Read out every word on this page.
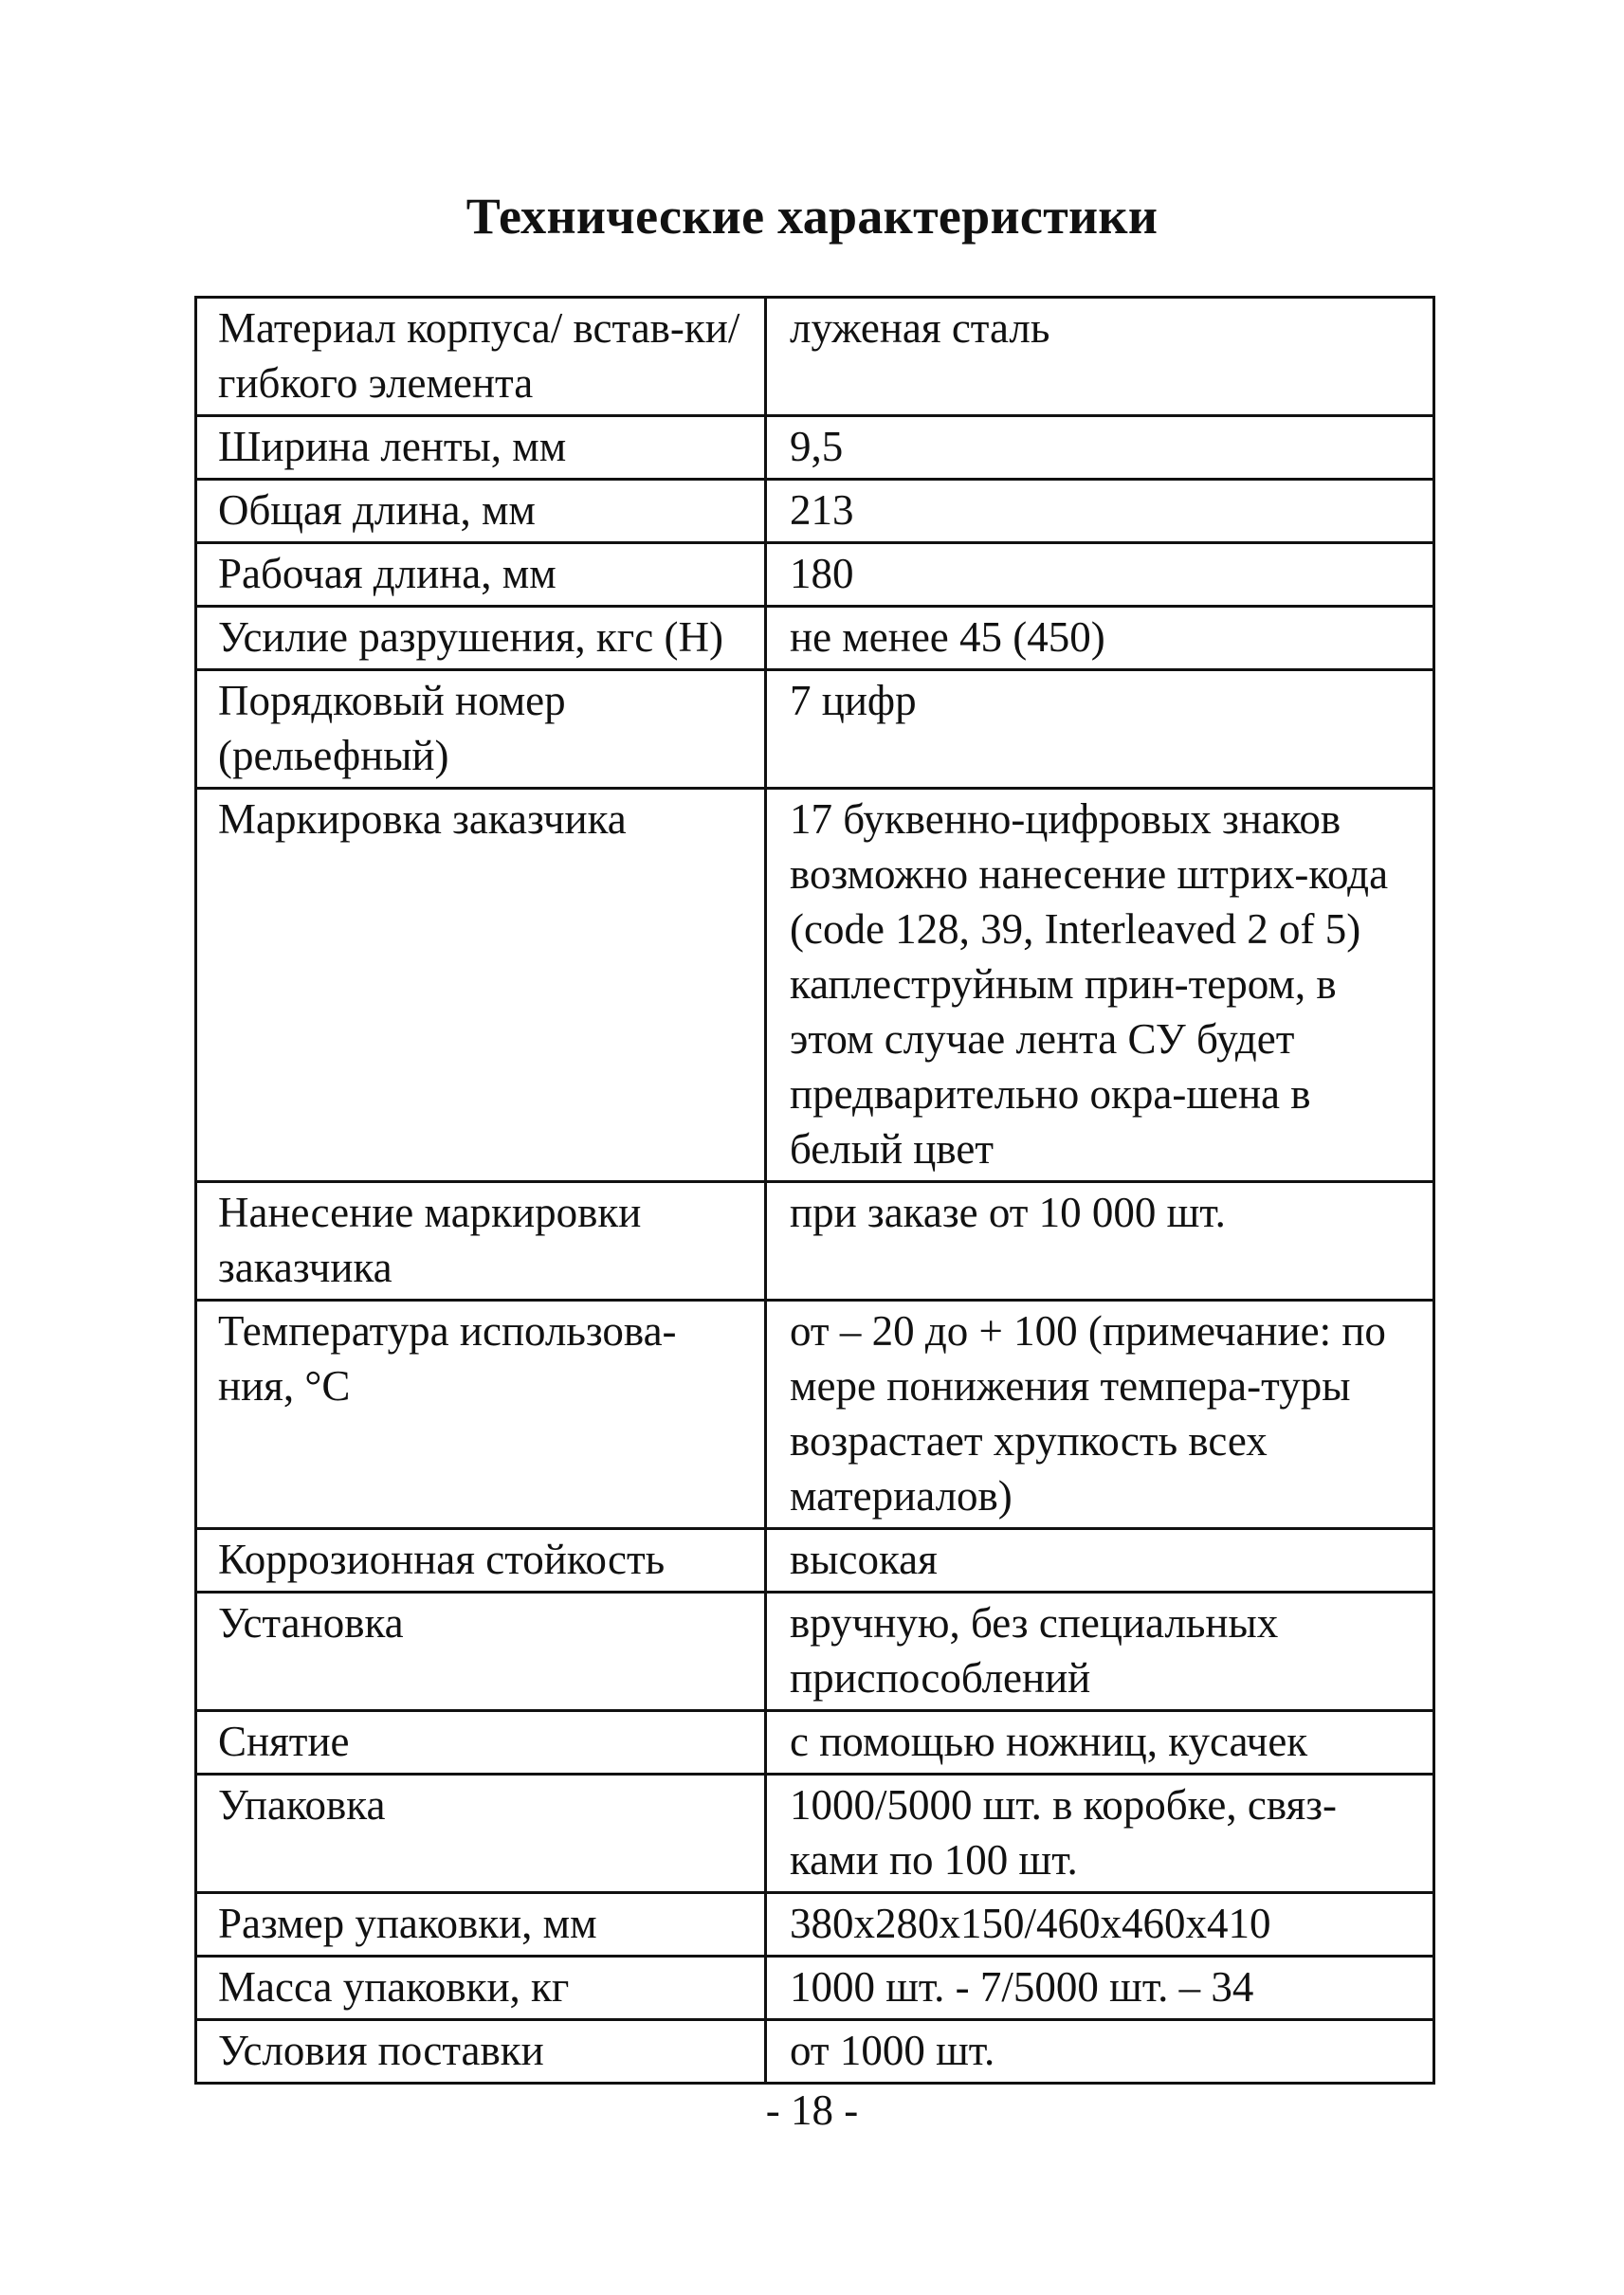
Технические характеристики
Материал корпуса/ встав-ки/ гибкого элемента	луженая сталь
Ширина ленты, мм	9,5
Общая длина, мм	213
Рабочая длина, мм	180
Усилие разрушения, кгс (Н)	не менее 45 (450)
Порядковый номер (рельефный)	7 цифр
Маркировка заказчика	17 буквенно-цифровых знаков возможно нанесение штрих-кода (code 128, 39, Interleaved 2 of 5) каплеструйным прин-тером, в этом случае лента СУ будет предварительно окра-шена в белый цвет
Нанесение маркировки заказчика	при заказе от 10 000 шт.
Температура использова-ния, °С	от – 20 до + 100 (примечание: по мере понижения темпера-туры возрастает хрупкость всех материалов)
Коррозионная стойкость	высокая
Установка	вручную, без специальных приспособлений
Снятие	с помощью ножниц, кусачек
Упаковка	1000/5000 шт. в коробке, связ-ками по 100 шт.
Размер упаковки, мм	380х280х150/460х460х410
Масса упаковки, кг	1000 шт. - 7/5000 шт. – 34
Условия поставки	от 1000 шт.
- 18 -
